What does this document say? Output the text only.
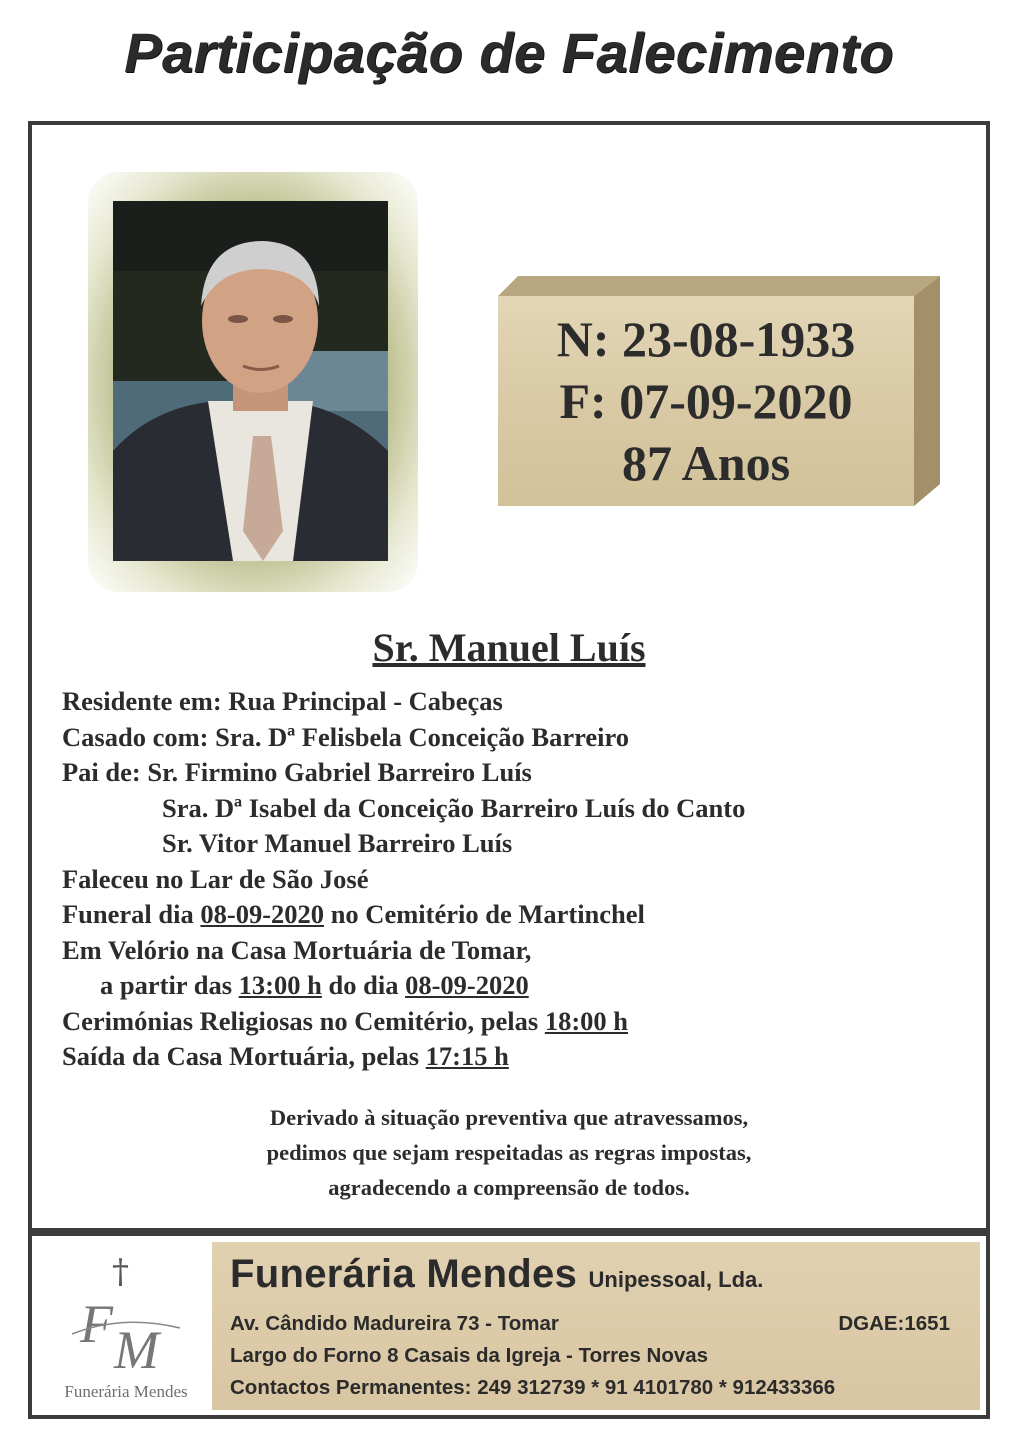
Participação de Falecimento
N: 23-08-1933
F: 07-09-2020
87 Anos
Sr. Manuel Luís
Residente em: Rua Principal - Cabeças
Casado com: Sra. Dª Felisbela Conceição Barreiro
Pai de: Sr. Firmino Gabriel Barreiro Luís
Sra. Dª Isabel da Conceição Barreiro Luís do Canto
Sr. Vitor Manuel Barreiro Luís
Faleceu no Lar de São José
Funeral dia 08-09-2020 no Cemitério de Martinchel
Em Velório na Casa Mortuária de Tomar,
a partir das 13:00 h do dia 08-09-2020
Cerimónias Religiosas no Cemitério, pelas 18:00 h
Saída da Casa Mortuária, pelas 17:15 h
Derivado à situação preventiva que atravessamos,
pedimos que sejam respeitadas as regras impostas,
agradecendo a compreensão de todos.
†
F M
Funerária Mendes
Funerária Mendes Unipessoal, Lda.
Av. Cândido Madureira 73 - Tomar	DGAE:1651
Largo do Forno 8 Casais da Igreja - Torres Novas
Contactos Permanentes: 249 312739 * 91 4101780 * 912433366
